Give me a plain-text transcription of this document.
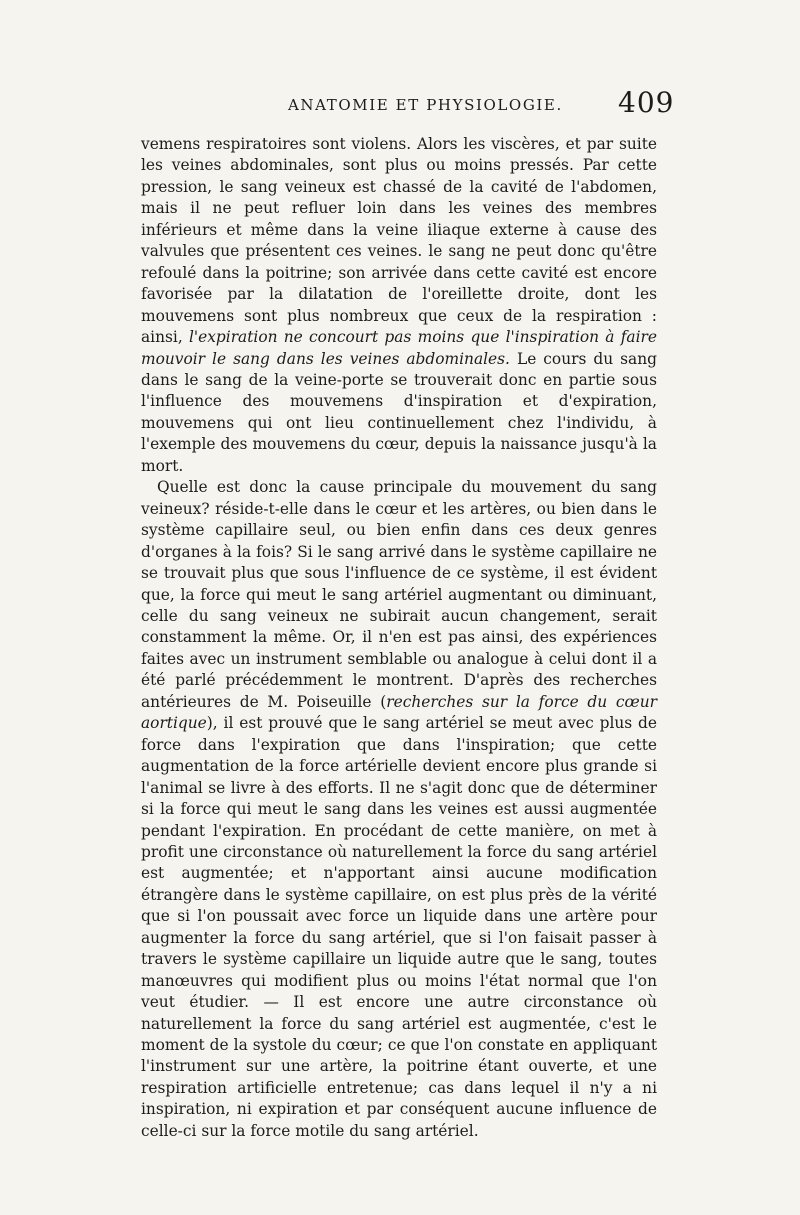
ANATOMIE ET PHYSIOLOGIE. 409

vemens respiratoires sont violens. Alors les viscères, et par suite les veines abdominales, sont plus ou moins pressés. Par cette pression, le sang veineux est chassé de la cavité de l'abdomen, mais il ne peut refluer loin dans les veines des membres inférieurs et même dans la veine iliaque externe à cause des valvules que présentent ces veines. le sang ne peut donc qu'être refoulé dans la poitrine; son arrivée dans cette cavité est encore favorisée par la dilatation de l'oreillette droite, dont les mouvemens sont plus nombreux que ceux de la respiration : ainsi, l'expiration ne concourt pas moins que l'inspiration à faire mouvoir le sang dans les veines abdominales. Le cours du sang dans le sang de la veine-porte se trouverait donc en partie sous l'influence des mouvemens d'inspiration et d'expiration, mouvemens qui ont lieu continuellement chez l'individu, à l'exemple des mouvemens du cœur, depuis la naissance jusqu'à la mort.

Quelle est donc la cause principale du mouvement du sang veineux? réside-t-elle dans le cœur et les artères, ou bien dans le système capillaire seul, ou bien enfin dans ces deux genres d'organes à la fois? Si le sang arrivé dans le système capillaire ne se trouvait plus que sous l'influence de ce système, il est évident que, la force qui meut le sang artériel augmentant ou diminuant, celle du sang veineux ne subirait aucun changement, serait constamment la même. Or, il n'en est pas ainsi, des expériences faites avec un instrument semblable ou analogue à celui dont il a été parlé précédemment le montrent. D'après des recherches antérieures de M. Poiseuille (recherches sur la force du cœur aortique), il est prouvé que le sang artériel se meut avec plus de force dans l'expiration que dans l'inspiration; que cette augmentation de la force artérielle devient encore plus grande si l'animal se livre à des efforts. Il ne s'agit donc que de déterminer si la force qui meut le sang dans les veines est aussi augmentée pendant l'expiration. En procédant de cette manière, on met à profit une circonstance où naturellement la force du sang artériel est augmentée; et n'apportant ainsi aucune modification étrangère dans le système capillaire, on est plus près de la vérité que si l'on poussait avec force un liquide dans une artère pour augmenter la force du sang artériel, que si l'on faisait passer à travers le système capillaire un liquide autre que le sang, toutes manœuvres qui modifient plus ou moins l'état normal que l'on veut étudier. — Il est encore une autre circonstance où naturellement la force du sang artériel est augmentée, c'est le moment de la systole du cœur; ce que l'on constate en appliquant l'instrument sur une artère, la poitrine étant ouverte, et une respiration artificielle entretenue; cas dans lequel il n'y a ni inspiration, ni expiration et par conséquent aucune influence de celle-ci sur la force motile du sang artériel.
